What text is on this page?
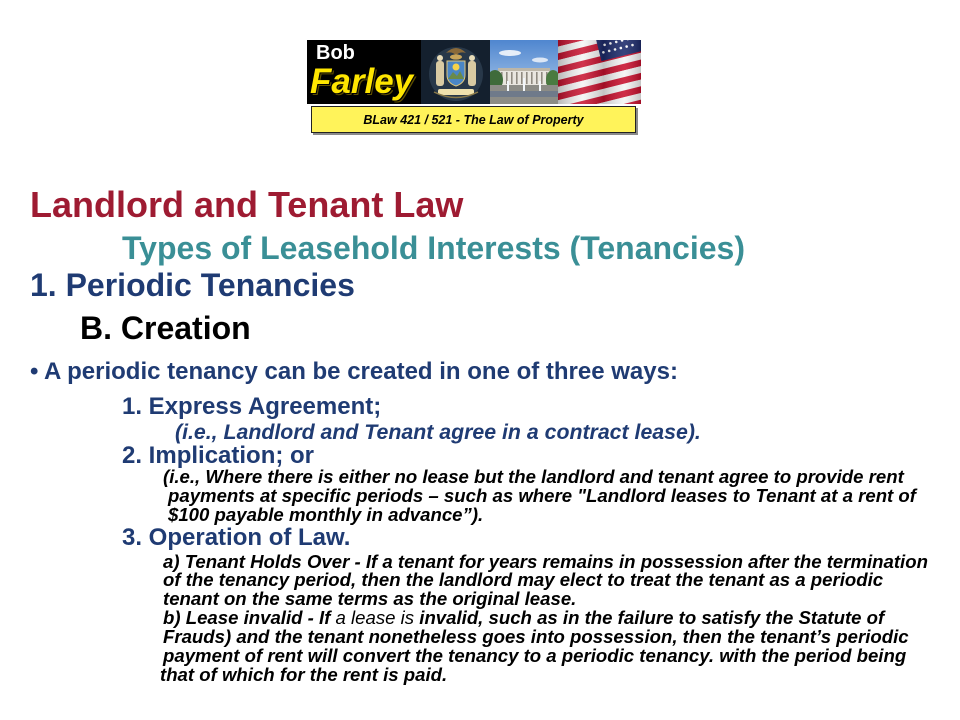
Bob
Farley
BLaw 421 / 521 - The Law of Property
Landlord and Tenant Law
Types of Leasehold Interests (Tenancies)
1. Periodic Tenancies
B. Creation
• A periodic tenancy can be created in one of three ways:
1. Express Agreement;
(i.e., Landlord and Tenant agree in a contract lease).
2. Implication; or
(i.e., Where there is either no lease but the landlord and tenant agree to provide rent
payments at specific periods – such as where "Landlord leases to Tenant at a rent of
$100 payable monthly in advance”).
3. Operation of Law.
a) Tenant Holds Over - If a tenant for years remains in possession after the termination
of the tenancy period, then the landlord may elect to treat the tenant as a periodic
tenant on the same terms as the original lease.
b) Lease invalid - If a lease is invalid, such as in the failure to satisfy the Statute of
Frauds) and the tenant nonetheless goes into possession, then the tenant’s periodic
payment of rent will convert the tenancy to a periodic tenancy. with the period being
that of which for the rent is paid.
